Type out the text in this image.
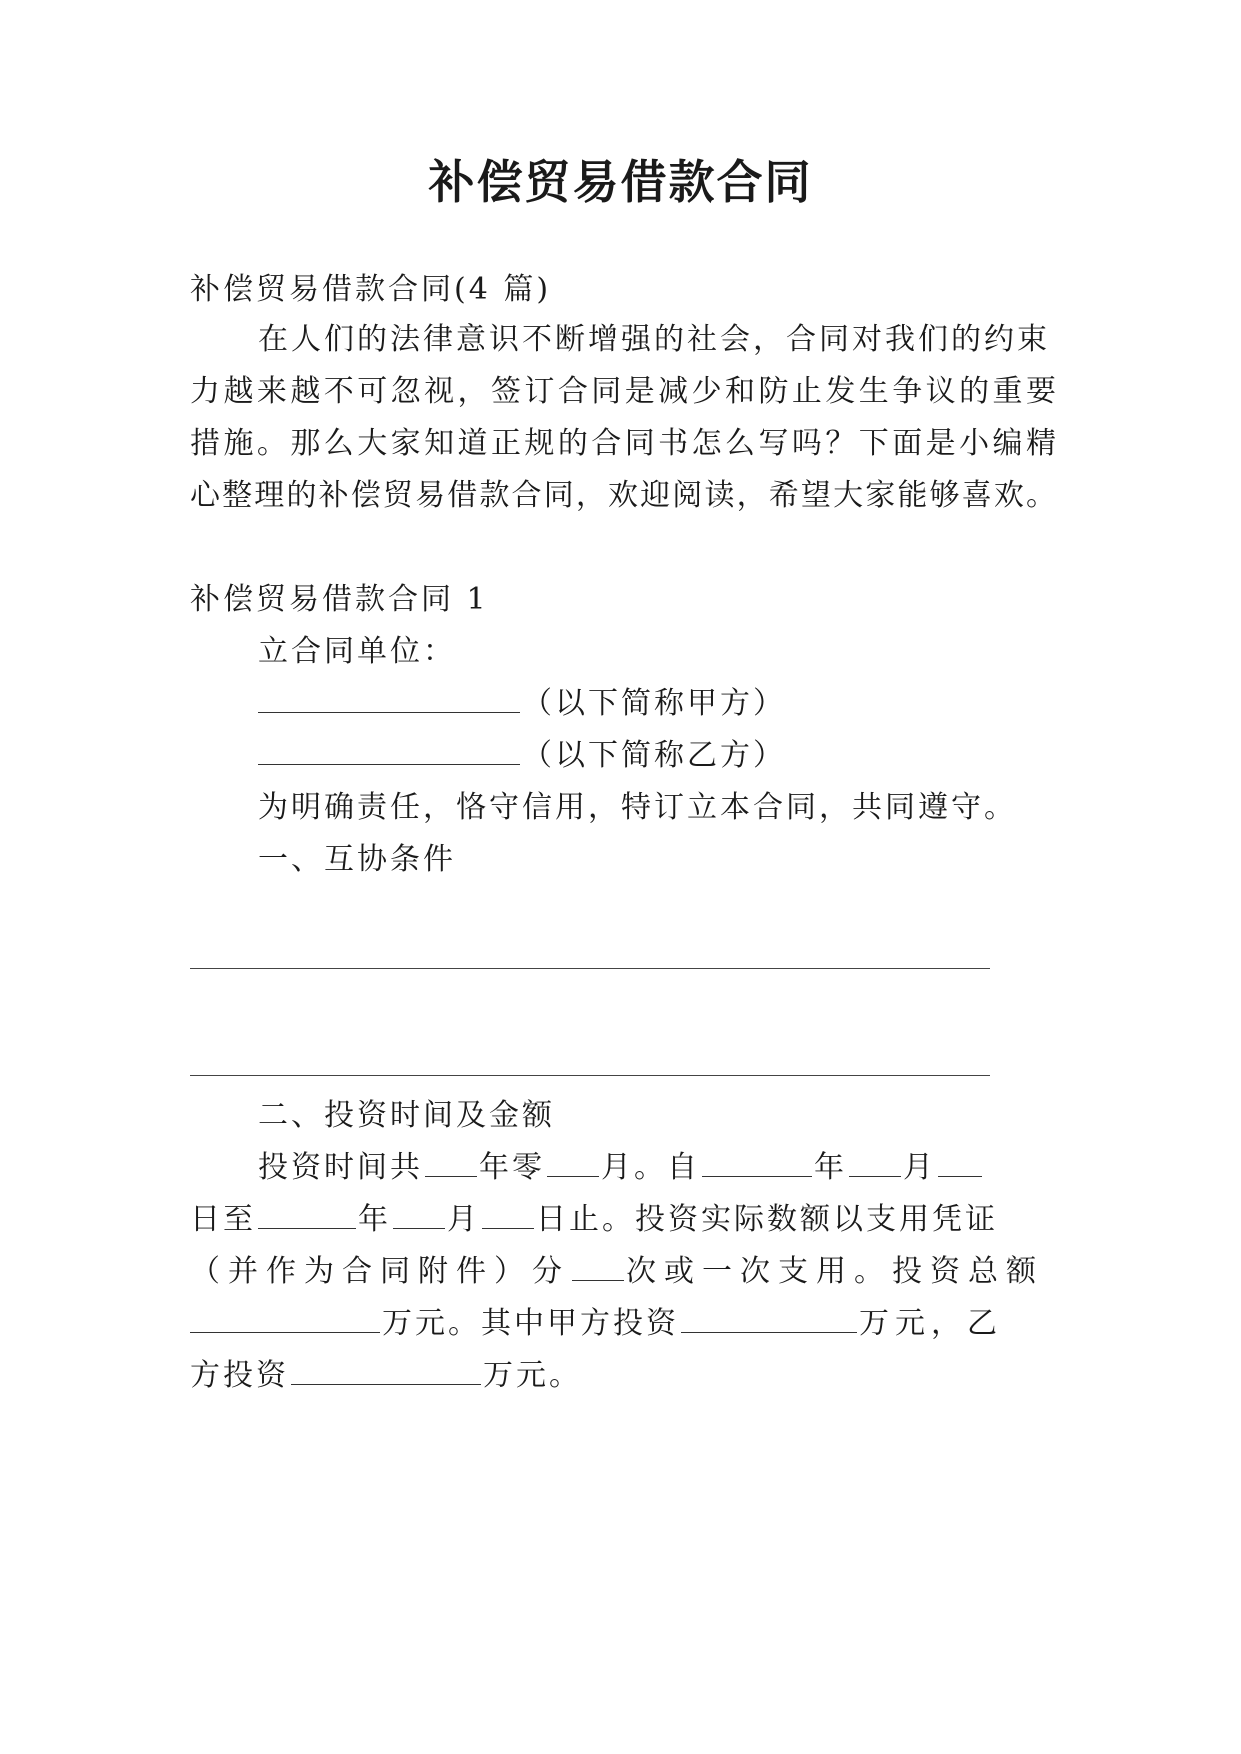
补偿贸易借款合同
补偿贸易借款合同(4 篇)
在人们的法律意识不断增强的社会，合同对我们的约束
力越来越不可忽视，签订合同是减少和防止发生争议的重要
措施。那么大家知道正规的合同书怎么写吗？下面是小编精
心整理的补偿贸易借款合同，欢迎阅读，希望大家能够喜欢。
补偿贸易借款合同 1
立合同单位：
（以下简称甲方）
（以下简称乙方）
为明确责任，恪守信用，特订立本合同，共同遵守。
一、互协条件
二、投资时间及金额
投资时间共 年零 月。自	年 月
日至	年 月 日止。投资实际数额以支用凭证
（并作为合同附件）分 次或一次支用。投资总额
万元。其中甲方投资	万元，乙
方投资	万元。
